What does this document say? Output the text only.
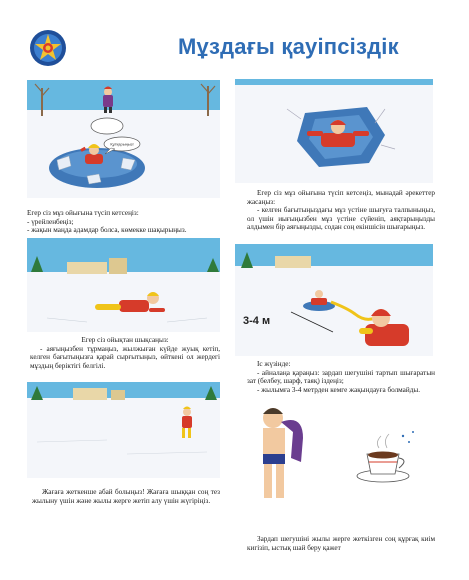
Мұздағы қауіпсіздік
Құтқарыңыз!

Егер сіз мұз ойығына түсіп кетсеңіз:

- үрейленбеңіз;

- жақын маңда адамдар болса, көмекке шақырыңыз.

Егер сіз мұз ойығына түсіп кетсеңіз, мынадай әрекеттер жасаңыз:

- келген бағытыңыздағы мұз үстіне шығуға талпыныңыз, ол үшін иығыңызбен мұз үстіне сүйеніп, аяқтарыңызды алдымен бір аяғыңызды, содан соң екіншісін шығарыңыз.

3-4 м

Егер сіз ойықтан шықсаңыз:

- аяғыңызбен тұрмаңыз, жылжыған күйде жуық кетіп, келген бағытыңызға қарай сырғытыңыз, өйткені ол жердегі мұздың беріктігі белгілі.	Іс жүзінде:

- айналаңа қараңыз: зардап шегушіні тартып шығаратын зат (белбеу, шарф, таяқ) іздеңіз;

- жылымға 3-4 метрден кемге жақындауға болмайды.

Жағаға жеткенше абай болыңыз! Жағаға шыққан соң тез жылыну үшін және жылы жерге жетіп алу үшін жүгіріңіз.

Зардап шегушіні жылы жерге жеткізген соң құрғақ киім кигізіп, ыстық шай беру қажет
